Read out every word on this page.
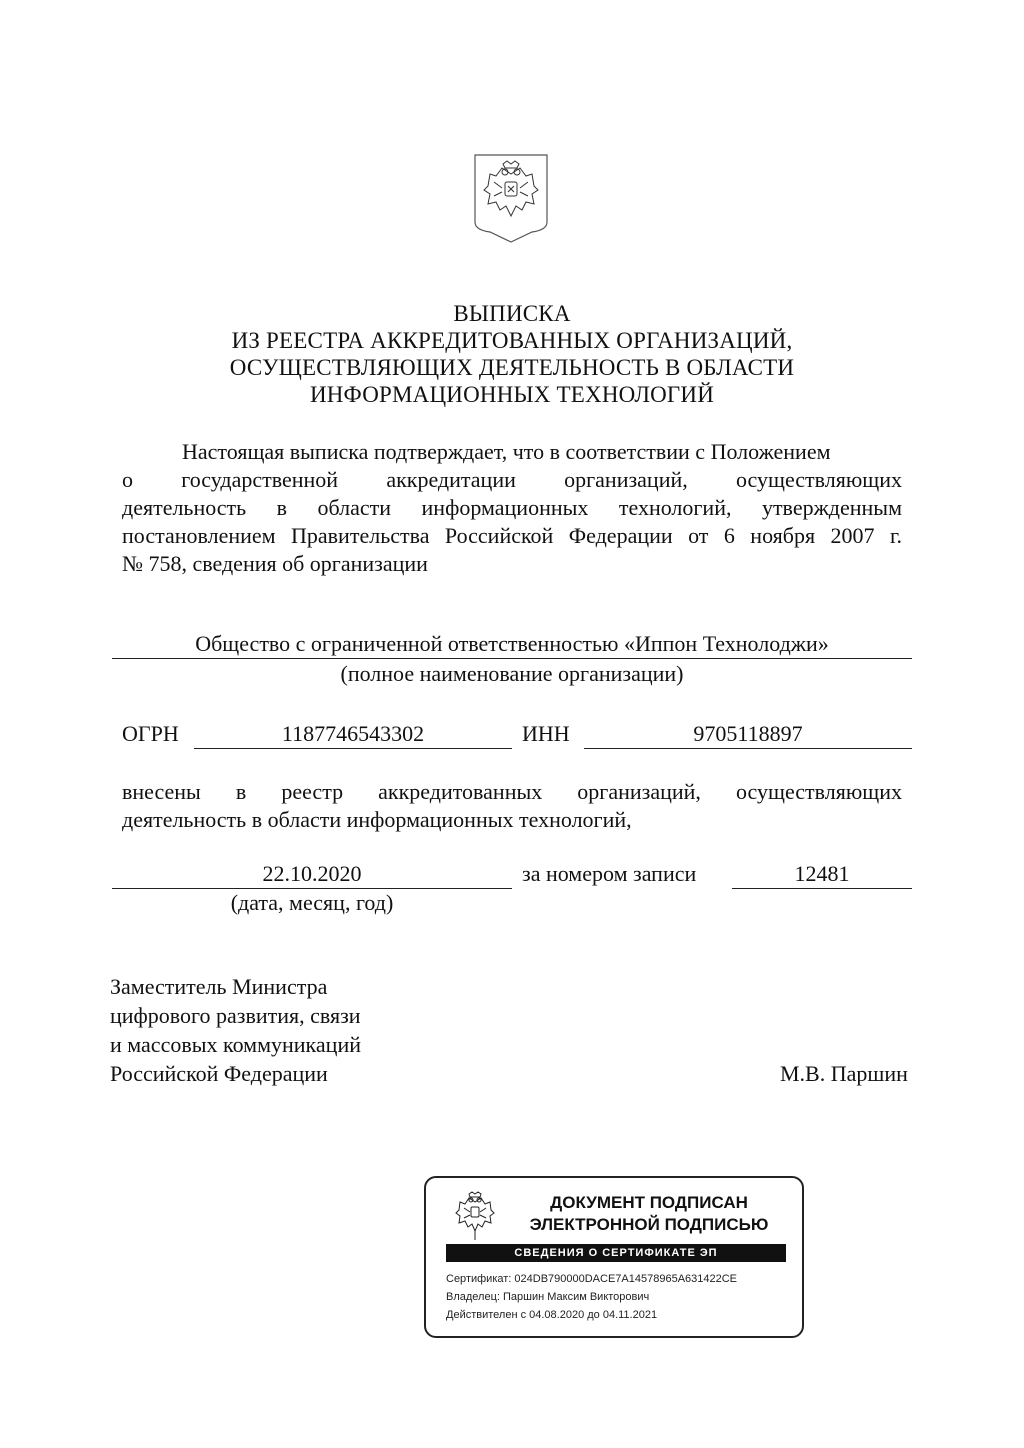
ВЫПИСКА
ИЗ РЕЕСТРА АККРЕДИТОВАННЫХ ОРГАНИЗАЦИЙ,
ОСУЩЕСТВЛЯЮЩИХ ДЕЯТЕЛЬНОСТЬ В ОБЛАСТИ
ИНФОРМАЦИОННЫХ ТЕХНОЛОГИЙ
Настоящая выписка подтверждает, что в соответствии с Положением
о государственной аккредитации организаций, осуществляющих
деятельность в области информационных технологий, утвержденным
постановлением Правительства Российской Федерации от 6 ноября 2007 г.
№ 758, сведения об организации
Общество с ограниченной ответственностью «Иппон Технолоджи»
(полное наименование организации)
ОГРН	1187746543302	ИНН	9705118897
внесены в реестр аккредитованных организаций, осуществляющих
деятельность в области информационных технологий,
22.10.2020	за номером записи	12481
(дата, месяц, год)
Заместитель Министра
цифрового развития, связи
и массовых коммуникаций
Российской Федерации	М.В. Паршин
ДОКУМЕНТ ПОДПИСАН
ЭЛЕКТРОННОЙ ПОДПИСЬЮ
СВЕДЕНИЯ О СЕРТИФИКАТЕ ЭП
Сертификат: 024DB790000DACE7A14578965A631422CE
Владелец: Паршин Максим Викторович
Действителен с 04.08.2020 до 04.11.2021
